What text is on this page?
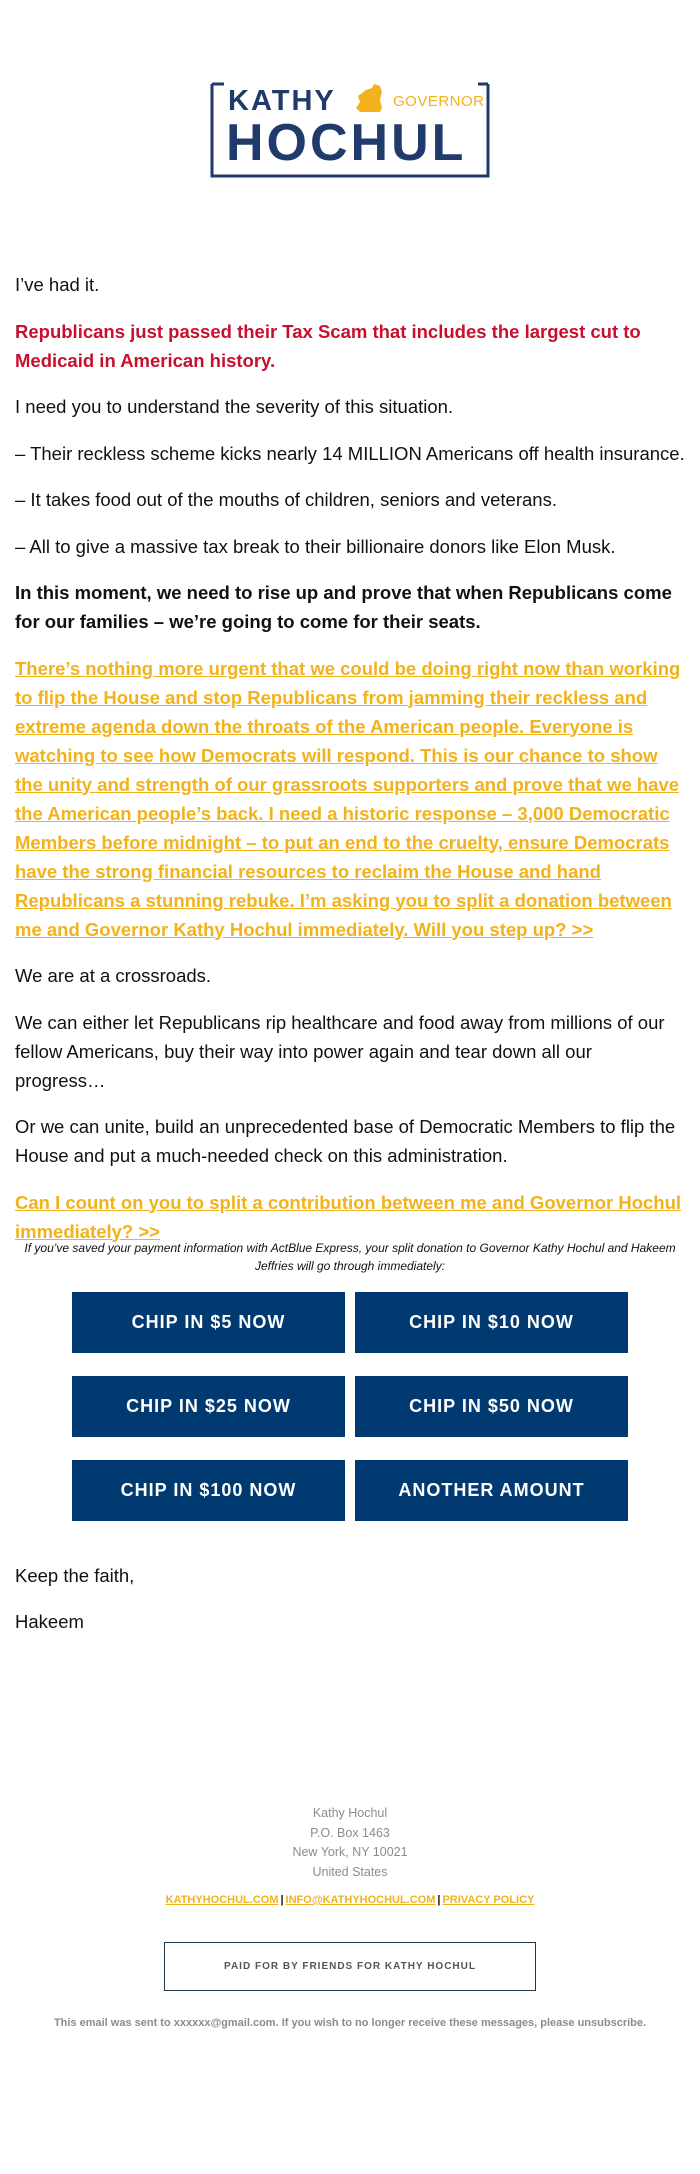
KATHY	GOVERNOR
HOCHUL

I’ve had it.

Republicans just passed their Tax Scam that includes the largest cut to Medicaid in American history.

I need you to understand the severity of this situation.

– Their reckless scheme kicks nearly 14 MILLION Americans off health insurance.

– It takes food out of the mouths of children, seniors and veterans.

– All to give a massive tax break to their billionaire donors like Elon Musk.

In this moment, we need to rise up and prove that when Republicans come for our families – we’re going to come for their seats.

There’s nothing more urgent that we could be doing right now than working to flip the House and stop Republicans from jamming their reckless and extreme agenda down the throats of the American people. Everyone is watching to see how Democrats will respond. This is our chance to show the unity and strength of our grassroots supporters and prove that we have the American people’s back. I need a historic response – 3,000 Democratic Members before midnight – to put an end to the cruelty, ensure Democrats have the strong financial resources to reclaim the House and hand Republicans a stunning rebuke. I’m asking you to split a donation between me and Governor Kathy Hochul immediately. Will you step up? >>

We are at a crossroads.

We can either let Republicans rip healthcare and food away from millions of our fellow Americans, buy their way into power again and tear down all our progress…

Or we can unite, build an unprecedented base of Democratic Members to flip the House and put a much-needed check on this administration.

Can I count on you to split a contribution between me and Governor Hochul immediately? >>

If you’ve saved your payment information with ActBlue Express, your split donation to Governor Kathy Hochul and Hakeem Jeffries will go through immediately:
CHIP IN $5 NOW	CHIP IN $10 NOW
CHIP IN $25 NOW	CHIP IN $50 NOW
CHIP IN $100 NOW	ANOTHER AMOUNT

Keep the faith,

Hakeem

Kathy Hochul
P.O. Box 1463
New York, NY 10021
United States
KATHYHOCHUL.COM | INFO@KATHYHOCHUL.COM | PRIVACY POLICY
PAID FOR BY FRIENDS FOR KATHY HOCHUL
This email was sent to xxxxxx@gmail.com. If you wish to no longer receive these messages, please unsubscribe.
